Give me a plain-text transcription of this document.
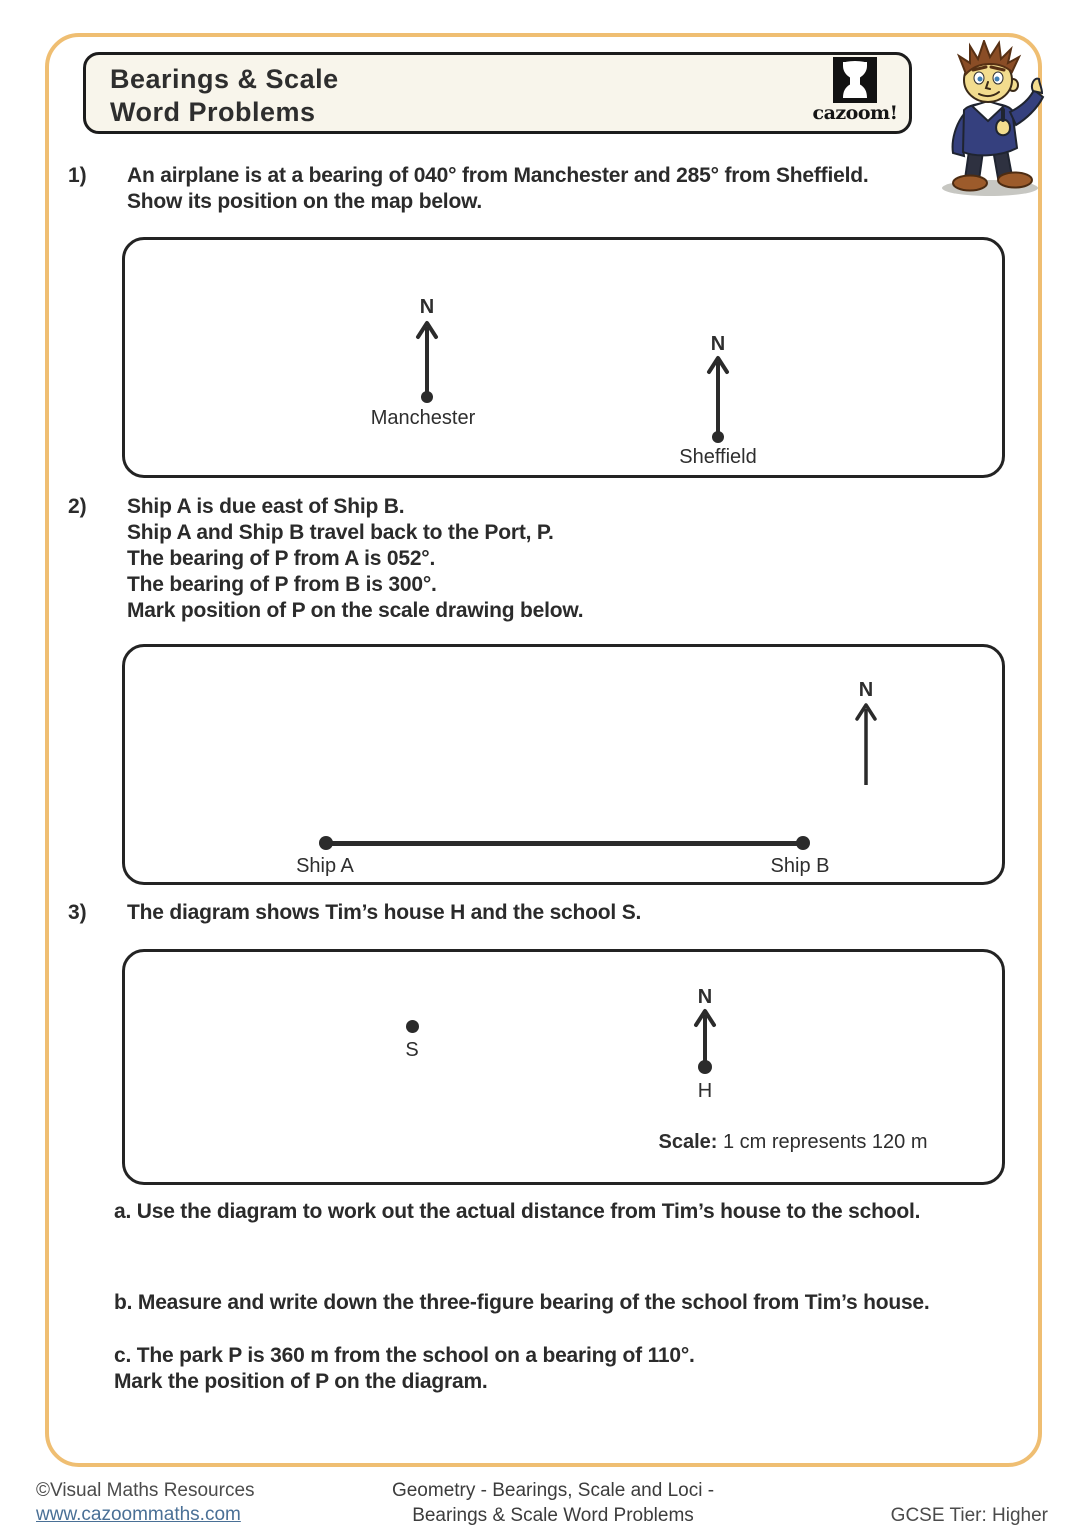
Bearings & Scale
Word Problems	cazoom!
1) An airplane is at a bearing of 040° from Manchester and 285° from Sheffield.
Show its position on the map below.
N
Manchester
N
Sheffield
2) Ship A is due east of Ship B.
Ship A and Ship B travel back to the Port, P.
The bearing of P from A is 052°.
The bearing of P from B is 300°.
Mark position of P on the scale drawing below.
N
Ship A	Ship B
3) The diagram shows Tim’s house H and the school S.
S
N
H
Scale: 1 cm represents 120 m
a. Use the diagram to work out the actual distance from Tim’s house to the school.
b. Measure and write down the three-figure bearing of the school from Tim’s house.
c. The park P is 360 m from the school on a bearing of 110°.
Mark the position of P on the diagram.
©Visual Maths Resources
www.cazoommaths.com
Geometry - Bearings, Scale and Loci -
Bearings & Scale Word Problems	GCSE Tier: Higher
